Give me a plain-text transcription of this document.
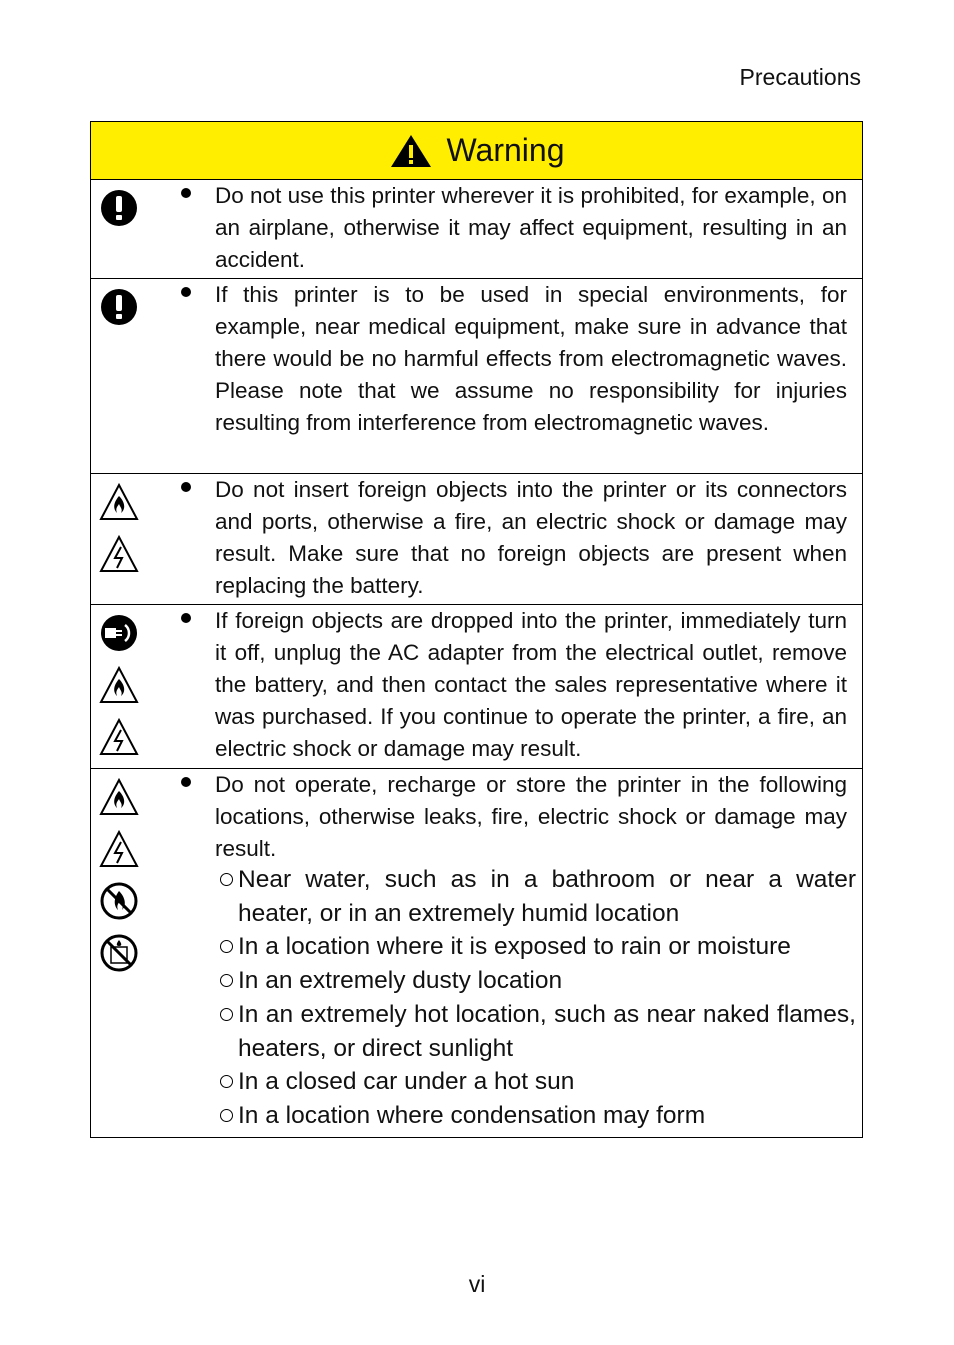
Precautions
Warning
Do not use this printer wherever it is prohibited, for example, on an airplane, otherwise it may affect equipment, resulting in an accident.
If this printer is to be used in special environments, for example, near medical equipment, make sure in advance that there would be no harmful effects from electromagnetic waves. Please note that we assume no responsibility for injuries resulting from interference from electromagnetic waves.
Do not insert foreign objects into the printer or its connectors and ports, otherwise a fire, an electric shock or damage may result. Make sure that no foreign objects are present when replacing the battery.
If foreign objects are dropped into the printer, immediately turn it off, unplug the AC adapter from the electrical outlet, remove the battery, and then contact the sales representative where it was purchased. If you continue to operate the printer, a fire, an electric shock or damage may result.
Do not operate, recharge or store the printer in the following locations, otherwise leaks, fire, electric shock or damage may result.
Near water, such as in a bathroom or near a water heater, or in an extremely humid location
In a location where it is exposed to rain or moisture
In an extremely dusty location
In an extremely hot location, such as near naked flames, heaters, or direct sunlight
In a closed car under a hot sun
In a location where condensation may form
vi
